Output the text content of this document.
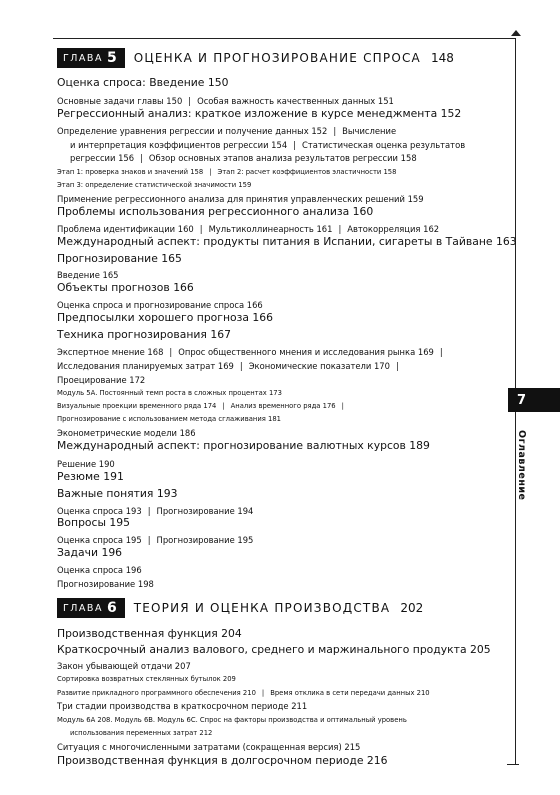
ГЛАВА 5 ОЦЕНКА И ПРОГНОЗИРОВАНИЕ СПРОСА 148
Оценка спроса: Введение 150
Основные задачи главы 150 | Особая важность качественных данных 151
Регрессионный анализ: краткое изложение в курсе менеджмента 152
Определение уравнения регрессии и получение данных 152 | Вычисление
и интерпретация коэффициентов регрессии 154 | Статистическая оценка результатов
регрессии 156 | Обзор основных этапов анализа результатов регрессии 158
Этап 1: проверка знаков и значений 158 | Этап 2: расчет коэффициентов эластичности 158
Этап 3: определение статистической значимости 159
Применение регрессионного анализа для принятия управленческих решений 159
Проблемы использования регрессионного анализа 160
Проблема идентификации 160 | Мультиколлинеарность 161 | Автокорреляция 162
Международный аспект: продукты питания в Испании, сигареты в Тайване 163
Прогнозирование 165
Введение 165
Объекты прогнозов 166
Оценка спроса и прогнозирование спроса 166
Предпосылки хорошего прогноза 166
Техника прогнозирования 167
Экспертное мнение 168 | Опрос общественного мнения и исследования рынка 169 |
Исследования планируемых затрат 169 | Экономические показатели 170 |
Проецирование 172
Модуль 5А. Постоянный темп роста в сложных процентах 173
Визуальные проекции временного ряда 174 | Анализ временного ряда 176 |
Прогнозирование с использованием метода сглаживания 181
Эконометрические модели 186
Международный аспект: прогнозирование валютных курсов 189
Решение 190
Резюме 191
Важные понятия 193
Оценка спроса 193 | Прогнозирование 194
Вопросы 195
Оценка спроса 195 | Прогнозирование 195
Задачи 196
Оценка спроса 196
Прогнозирование 198
ГЛАВА 6 ТЕОРИЯ И ОЦЕНКА ПРОИЗВОДСТВА 202
Производственная функция 204
Краткосрочный анализ валового, среднего и маржинального продукта 205
Закон убывающей отдачи 207
Сортировка возвратных стеклянных бутылок 209
Развитие прикладного программного обеспечения 210 | Время отклика в сети передачи данных 210
Три стадии производства в краткосрочном периоде 211
Модуль 6А 208. Модуль 6В. Модуль 6С. Спрос на факторы производства и оптимальный уровень
использования переменных затрат 212
Ситуация с многочисленными затратами (сокращенная версия) 215
Производственная функция в долгосрочном периоде 216
7
Оглавление
